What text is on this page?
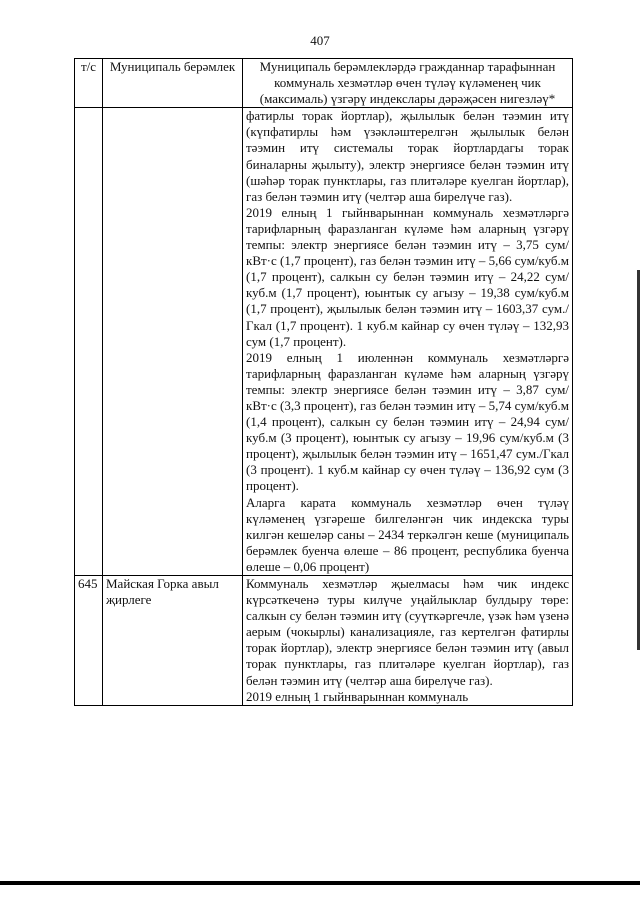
407
т/с	Муниципаль берәмлек	Муниципаль берәмлекләрдә гражданнар тарафыннан коммуналь хезмәтләр өчен түләү күләменең чик (максималь) үзгәрү индекслары дәрәҗәсен нигезләү*

		фатирлы торак йортлар), җылылык белән тәэмин итү (күпфатирлы һәм үзәкләштерелгән җылылык белән тәэмин итү системалы торак йортлардагы торак биналарны җылыту), электр энергиясе белән тәэмин итү (шәһәр торак пунктлары, газ плитәләре куелган йортлар), газ белән тәэмин итү (челтәр аша бирелүче газ).
2019 елның 1 гыйнварыннан коммуналь хезмәтләргә тарифларның фаразланган күләме һәм аларның үзгәрү темпы: электр энергиясе белән тәэмин итү – 3,75 сум/кВт·с (1,7 процент), газ белән тәэмин итү – 5,66 сум/куб.м (1,7 процент), салкын су белән тәэмин итү – 24,22 сум/куб.м (1,7 процент), юынтык су агызу – 19,38 сум/куб.м (1,7 процент), җылылык белән тәэмин итү – 1603,37 сум./Гкал (1,7 процент). 1 куб.м кайнар су өчен түләү – 132,93 сум (1,7 процент).
2019 елның 1 июленнән коммуналь хезмәтләргә тарифларның фаразланган күләме һәм аларның үзгәрү темпы: электр энергиясе белән тәэмин итү – 3,87 сум/кВт·с (3,3 процент), газ белән тәэмин итү – 5,74 сум/куб.м (1,4 процент), салкын су белән тәэмин итү – 24,94 сум/куб.м (3 процент), юынтык су агызу – 19,96 сум/куб.м (3 процент), җылылык белән тәэмин итү – 1651,47 сум./Гкал (3 процент). 1 куб.м кайнар су өчен түләү – 136,92 сум (3 процент).
Аларга карата коммуналь хезмәтләр өчен түләү күләменең үзгәреше билгеләнгән чик индекска туры килгән кешеләр саны – 2434 теркәлгән кеше (муниципаль берәмлек буенча өлеше – 86 процент, республика буенча өлеше – 0,06 процент)

645	Майская Горка авыл җирлеге	Коммуналь хезмәтләр җыелмасы һәм чик индекс күрсәткеченә туры килүче уңайлыклар булдыру төре: салкын су белән тәэмин итү (суүткәргечле, үзәк һәм үзенә аерым (чокырлы) канализацияле, газ кертелгән фатирлы торак йортлар), электр энергиясе белән тәэмин итү (авыл торак пунктлары, газ плитәләре куелган йортлар), газ белән тәэмин итү (челтәр аша бирелүче газ).
2019 елның 1 гыйнварыннан коммуналь
